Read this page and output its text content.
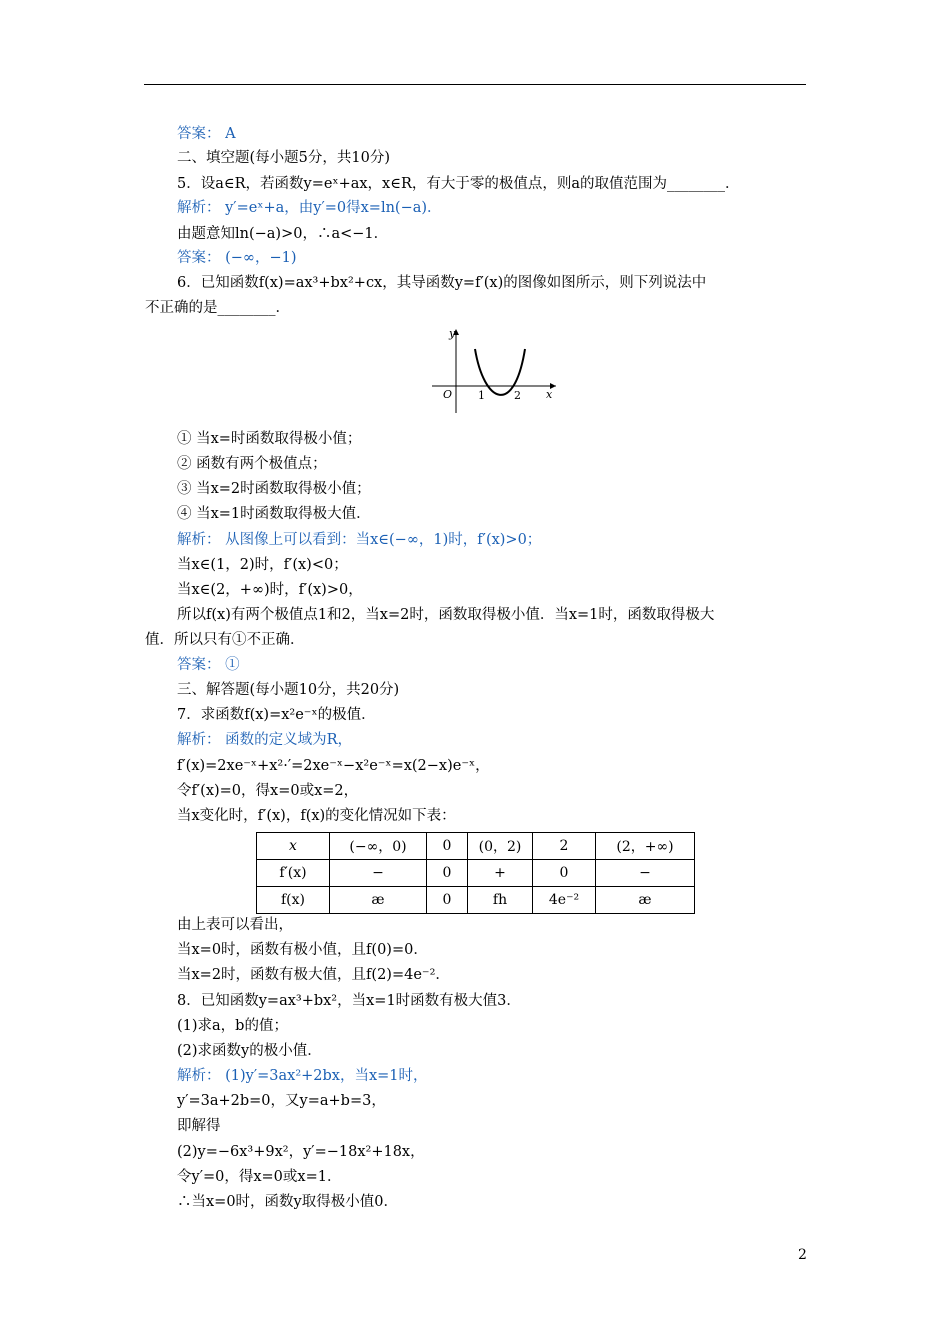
答案： A
二、填空题(每小题5分，共10分)
5．设a∈R，若函数y=eˣ+ax，x∈R，有大于零的极值点，则a的取值范围为________．
解析： y′=eˣ+a，由y′=0得x=ln(−a)．
由题意知ln(−a)>0，∴a<−1．
答案： (−∞，−1)
6．已知函数f(x)=ax³+bx²+cx，其导函数y=f′(x)的图像如图所示，则下列说法中
不正确的是________．
y
x
O 1	2
① 当x=时函数取得极小值；
② 函数有两个极值点；
③ 当x=2时函数取得极小值；
④ 当x=1时函数取得极大值．
解析： 从图像上可以看到：当x∈(−∞，1)时，f′(x)>0；
当x∈(1，2)时，f′(x)<0；
当x∈(2，+∞)时，f′(x)>0，
所以f(x)有两个极值点1和2，当x=2时，函数取得极小值．当x=1时，函数取得极大
值．所以只有①不正确．
答案： ①
三、解答题(每小题10分，共20分)
7．求函数f(x)=x²e⁻ˣ的极值．
解析： 函数的定义域为R，
f′(x)=2xe⁻ˣ+x²·′=2xe⁻ˣ−x²e⁻ˣ=x(2−x)e⁻ˣ，
令f′(x)=0，得x=0或x=2，
当x变化时，f′(x)，f(x)的变化情况如下表：
x	(−∞，0)	0	(0，2)	2	(2，+∞)
f′(x)	−	0	+	0	−
f(x)	æ	0	fh	4e⁻²	æ
由上表可以看出，
当x=0时，函数有极小值，且f(0)=0．
当x=2时，函数有极大值，且f(2)=4e⁻²．
8．已知函数y=ax³+bx²，当x=1时函数有极大值3．
(1)求a，b的值；
(2)求函数y的极小值．
解析： (1)y′=3ax²+2bx，当x=1时，
y′=3a+2b=0，又y=a+b=3，
即解得
(2)y=−6x³+9x²，y′=−18x²+18x，
令y′=0，得x=0或x=1．
∴当x=0时，函数y取得极小值0．
2
